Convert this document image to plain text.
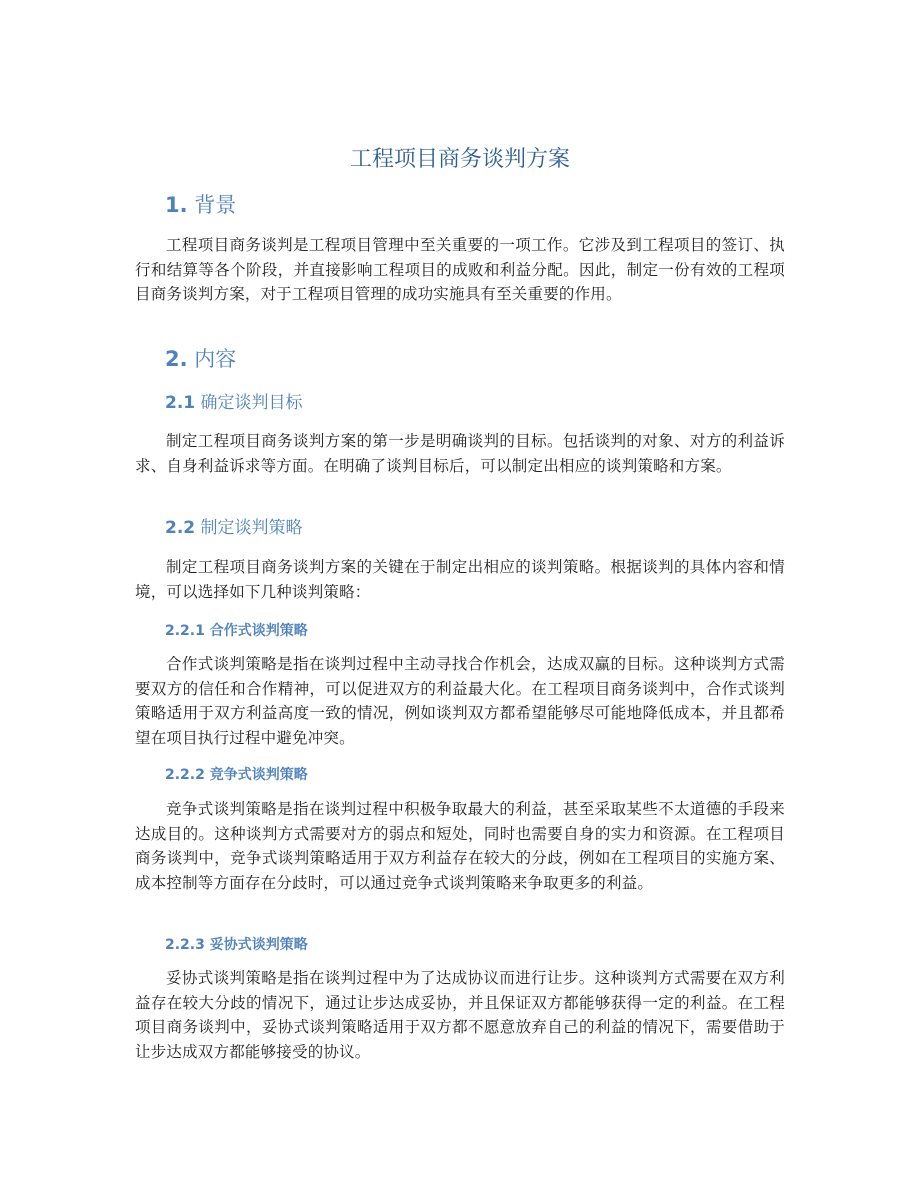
工程项目商务谈判方案
1. 背景

工程项目商务谈判是工程项目管理中至关重要的一项工作。它涉及到工程项目的签订、执行和结算等各个阶段，并直接影响工程项目的成败和利益分配。因此，制定一份有效的工程项目商务谈判方案，对于工程项目管理的成功实施具有至关重要的作用。

2. 内容
2.1 确定谈判目标

制定工程项目商务谈判方案的第一步是明确谈判的目标。包括谈判的对象、对方的利益诉求、自身利益诉求等方面。在明确了谈判目标后，可以制定出相应的谈判策略和方案。

2.2 制定谈判策略

制定工程项目商务谈判方案的关键在于制定出相应的谈判策略。根据谈判的具体内容和情境，可以选择如下几种谈判策略：

2.2.1 合作式谈判策略

合作式谈判策略是指在谈判过程中主动寻找合作机会，达成双赢的目标。这种谈判方式需要双方的信任和合作精神，可以促进双方的利益最大化。在工程项目商务谈判中，合作式谈判策略适用于双方利益高度一致的情况，例如谈判双方都希望能够尽可能地降低成本，并且都希望在项目执行过程中避免冲突。

2.2.2 竞争式谈判策略

竞争式谈判策略是指在谈判过程中积极争取最大的利益，甚至采取某些不太道德的手段来达成目的。这种谈判方式需要对方的弱点和短处，同时也需要自身的实力和资源。在工程项目商务谈判中，竞争式谈判策略适用于双方利益存在较大的分歧，例如在工程项目的实施方案、成本控制等方面存在分歧时，可以通过竞争式谈判策略来争取更多的利益。

2.2.3 妥协式谈判策略

妥协式谈判策略是指在谈判过程中为了达成协议而进行让步。这种谈判方式需要在双方利益存在较大分歧的情况下，通过让步达成妥协，并且保证双方都能够获得一定的利益。在工程项目商务谈判中，妥协式谈判策略适用于双方都不愿意放弃自己的利益的情况下，需要借助于让步达成双方都能够接受的协议。
